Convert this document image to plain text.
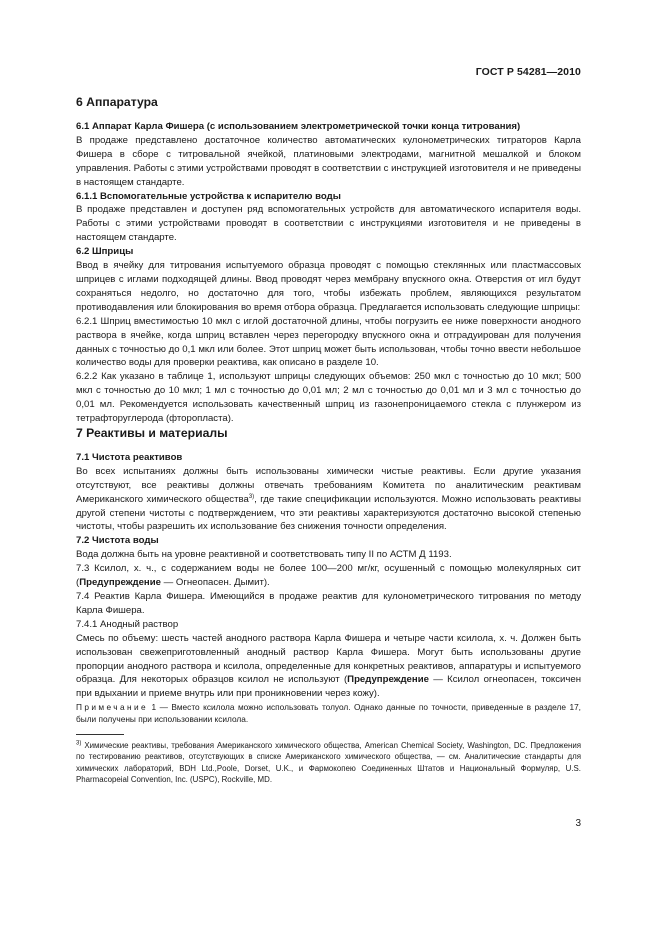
ГОСТ Р 54281—2010
6 Аппаратура

6.1 Аппарат Карла Фишера (с использованием электрометрической точки конца титрования)

В продаже представлено достаточное количество автоматических кулонометрических титраторов Карла Фишера в сборе с титровальной ячейкой, платиновыми электродами, магнитной мешалкой и блоком управления. Работы с этими устройствами проводят в соответствии с инструкцией изготовителя и не приведены в настоящем стандарте.

6.1.1 Вспомогательные устройства к испарителю воды

В продаже представлен и доступен ряд вспомогательных устройств для автоматического испарителя воды. Работы с этими устройствами проводят в соответствии с инструкциями изготовителя и не приведены в настоящем стандарте.

6.2 Шприцы

Ввод в ячейку для титрования испытуемого образца проводят с помощью стеклянных или пластмассовых шприцев с иглами подходящей длины. Ввод проводят через мембрану впускного окна. Отверстия от игл будут сохраняться недолго, но достаточно для того, чтобы избежать проблем, являющихся результатом противодавления или блокирования во время отбора образца. Предлагается использовать следующие шприцы:

6.2.1 Шприц вместимостью 10 мкл с иглой достаточной длины, чтобы погрузить ее ниже поверхности анодного раствора в ячейке, когда шприц вставлен через перегородку впускного окна и отградуирован для получения данных с точностью до 0,1 мкл или более. Этот шприц может быть использован, чтобы точно ввести небольшое количество воды для проверки реактива, как описано в разделе 10.

6.2.2 Как указано в таблице 1, используют шприцы следующих объемов: 250 мкл с точностью до 10 мкл; 500 мкл с точностью до 10 мкл; 1 мл с точностью до 0,01 мл; 2 мл с точностью до 0,01 мл и 3 мл с точностью до 0,01 мл. Рекомендуется использовать качественный шприц из газонепроницаемого стекла с плунжером из тетрафторуглерода (фторопласта).

7 Реактивы и материалы

7.1 Чистота реактивов

Во всех испытаниях должны быть использованы химически чистые реактивы. Если другие указания отсутствуют, все реактивы должны отвечать требованиям Комитета по аналитическим реактивам Американского химического общества$^{3)}$, где такие спецификации используются. Можно использовать реактивы другой степени чистоты с подтверждением, что эти реактивы характеризуются достаточно высокой степенью чистоты, чтобы разрешить их использование без снижения точности определения.

7.2 Чистота воды

Вода должна быть на уровне реактивной и соответствовать типу II по АСТМ Д 1193.

7.3 Ксилол, х. ч., с содержанием воды не более 100—200 мг/кг, осушенный с помощью молекулярных сит (Предупреждение — Огнеопасен. Дымит).

7.4 Реактив Карла Фишера. Имеющийся в продаже реактив для кулонометрического титрования по методу Карла Фишера.

7.4.1 Анодный раствор

Смесь по объему: шесть частей анодного раствора Карла Фишера и четыре части ксилола, х. ч. Должен быть использован свежеприготовленный анодный раствор Карла Фишера. Могут быть использованы другие пропорции анодного раствора и ксилола, определенные для конкретных реактивов, аппаратуры и испытуемого образца. Для некоторых образцов ксилол не используют (Предупреждение — Ксилол огнеопасен, токсичен при вдыхании и приеме внутрь или при проникновении через кожу).

Примечание 1 — Вместо ксилола можно использовать толуол. Однако данные по точности, приведенные в разделе 17, были получены при использовании ксилола.

$^{3)}$ Химические реактивы, требования Американского химического общества, American Chemical Society, Washington, DC. Предложения по тестированию реактивов, отсутствующих в списке Американского химического общества, — см. Аналитические стандарты для химических лабораторий, BDH Ltd.,Poole, Dorset, U.K., и Фармокопею Соединенных Штатов и Национальный Формуляр, U.S. Pharmacopeial Convention, Inc. (USPC), Rockville, MD.

3
